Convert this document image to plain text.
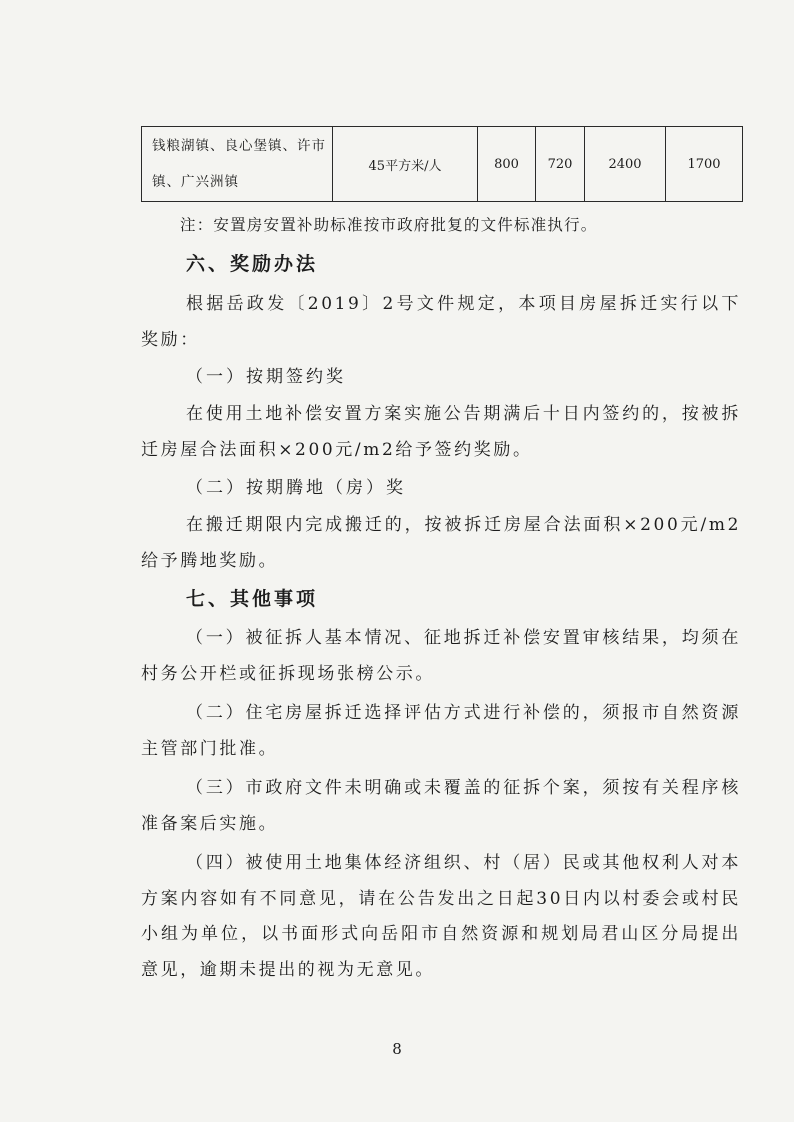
钱粮湖镇、良心堡镇、许市
镇、广兴洲镇
	45平方米/人	800	720	2400	1700
注：安置房安置补助标准按市政府批复的文件标准执行。
六、奖励办法

根据岳政发〔2019〕2号文件规定，本项目房屋拆迁实行以下奖励：

（一）按期签约奖

在使用土地补偿安置方案实施公告期满后十日内签约的，按被拆迁房屋合法面积×200元/m2给予签约奖励。

（二）按期腾地（房）奖

在搬迁期限内完成搬迁的，按被拆迁房屋合法面积×200元/m2给予腾地奖励。

七、其他事项

（一）被征拆人基本情况、征地拆迁补偿安置审核结果，均须在村务公开栏或征拆现场张榜公示。

（二）住宅房屋拆迁选择评估方式进行补偿的，须报市自然资源主管部门批准。

（三）市政府文件未明确或未覆盖的征拆个案，须按有关程序核准备案后实施。

（四）被使用土地集体经济组织、村（居）民或其他权利人对本方案内容如有不同意见，请在公告发出之日起30日内以村委会或村民小组为单位，以书面形式向岳阳市自然资源和规划局君山区分局提出意见，逾期未提出的视为无意见。

8
